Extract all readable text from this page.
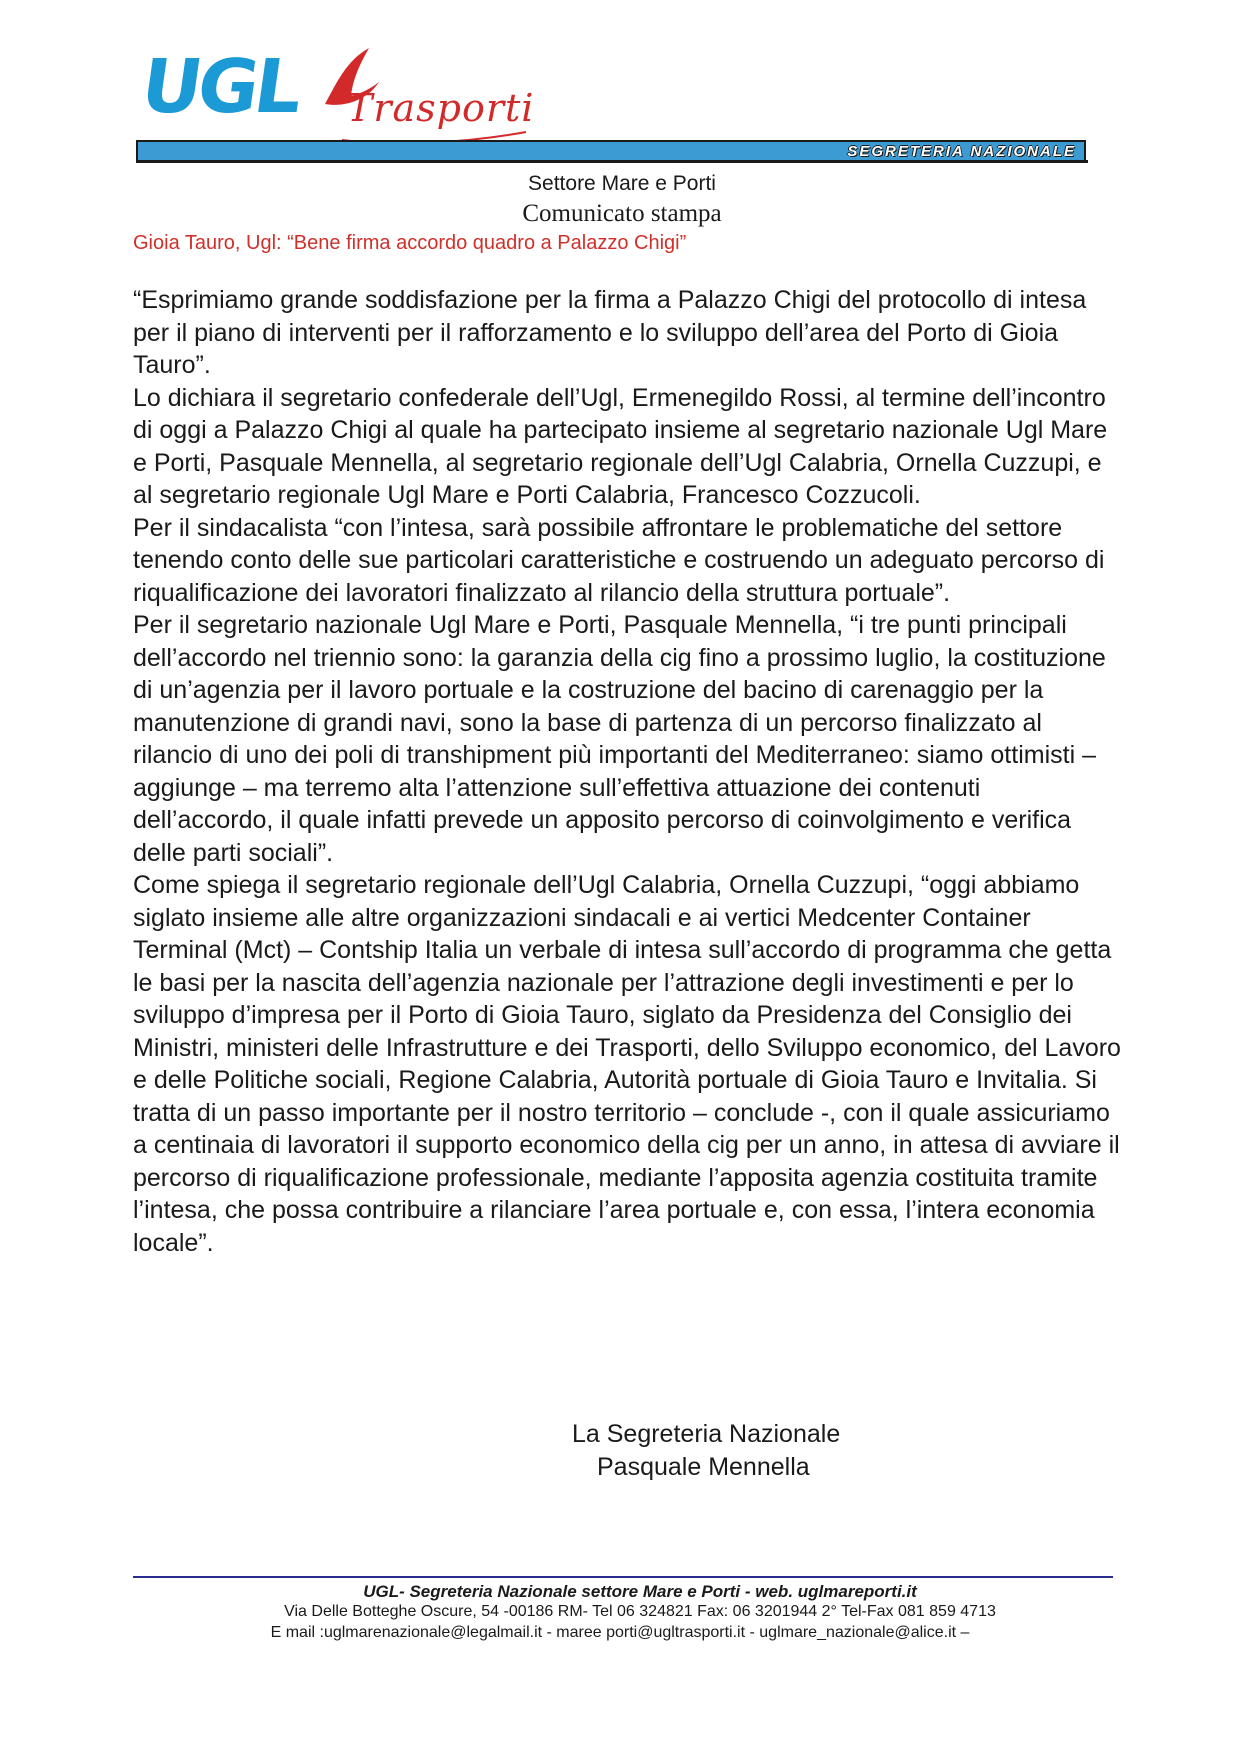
UGL Trasporti
SEGRETERIA NAZIONALE
Settore Mare e Porti
Comunicato stampa
Gioia Tauro, Ugl: “Bene firma accordo quadro a Palazzo Chigi”

“Esprimiamo grande soddisfazione per la firma a Palazzo Chigi del protocollo di intesa per il piano di interventi per il rafforzamento e lo sviluppo dell’area del Porto di Gioia Tauro”.

Lo dichiara il segretario confederale dell’Ugl, Ermenegildo Rossi, al termine dell’incontro di oggi a Palazzo Chigi al quale ha partecipato insieme al segretario nazionale Ugl Mare e Porti, Pasquale Mennella, al segretario regionale dell’Ugl Calabria, Ornella Cuzzupi, e al segretario regionale Ugl Mare e Porti Calabria, Francesco Cozzucoli.

Per il sindacalista “con l’intesa, sarà possibile affrontare le problematiche del settore tenendo conto delle sue particolari caratteristiche e costruendo un adeguato percorso di riqualificazione dei lavoratori finalizzato al rilancio della struttura portuale”.

Per il segretario nazionale Ugl Mare e Porti, Pasquale Mennella, “i tre punti principali dell’accordo nel triennio sono: la garanzia della cig fino a prossimo luglio, la costituzione di un’agenzia per il lavoro portuale e la costruzione del bacino di carenaggio per la manutenzione di grandi navi, sono la base di partenza di un percorso finalizzato al rilancio di uno dei poli di transhipment più importanti del Mediterraneo: siamo ottimisti – aggiunge – ma terremo alta l’attenzione sull’effettiva attuazione dei contenuti dell’accordo, il quale infatti prevede un apposito percorso di coinvolgimento e verifica delle parti sociali”.

Come spiega il segretario regionale dell’Ugl Calabria, Ornella Cuzzupi, “oggi abbiamo siglato insieme alle altre organizzazioni sindacali e ai vertici Medcenter Container Terminal (Mct) – Contship Italia un verbale di intesa sull’accordo di programma che getta le basi per la nascita dell’agenzia nazionale per l’attrazione degli investimenti e per lo sviluppo d’impresa per il Porto di Gioia Tauro, siglato da Presidenza del Consiglio dei Ministri, ministeri delle Infrastrutture e dei Trasporti, dello Sviluppo economico, del Lavoro e delle Politiche sociali, Regione Calabria, Autorità portuale di Gioia Tauro e Invitalia. Si tratta di un passo importante per il nostro territorio – conclude -, con il quale assicuriamo a centinaia di lavoratori il supporto economico della cig per un anno, in attesa di avviare il percorso di riqualificazione professionale, mediante l’apposita agenzia costituita tramite l’intesa, che possa contribuire a rilanciare l’area portuale e, con essa, l’intera economia locale”.

La Segreteria Nazionale
Pasquale Mennella
UGL- Segreteria Nazionale settore Mare e Porti - web. uglmareporti.it
Via Delle Botteghe Oscure, 54 -00186 RM- Tel 06 324821 Fax: 06 3201944 2° Tel-Fax 081 859 4713
E mail :uglmarenazionale@legalmail.it - maree porti@ugltrasporti.it - uglmare_nazionale@alice.it –
